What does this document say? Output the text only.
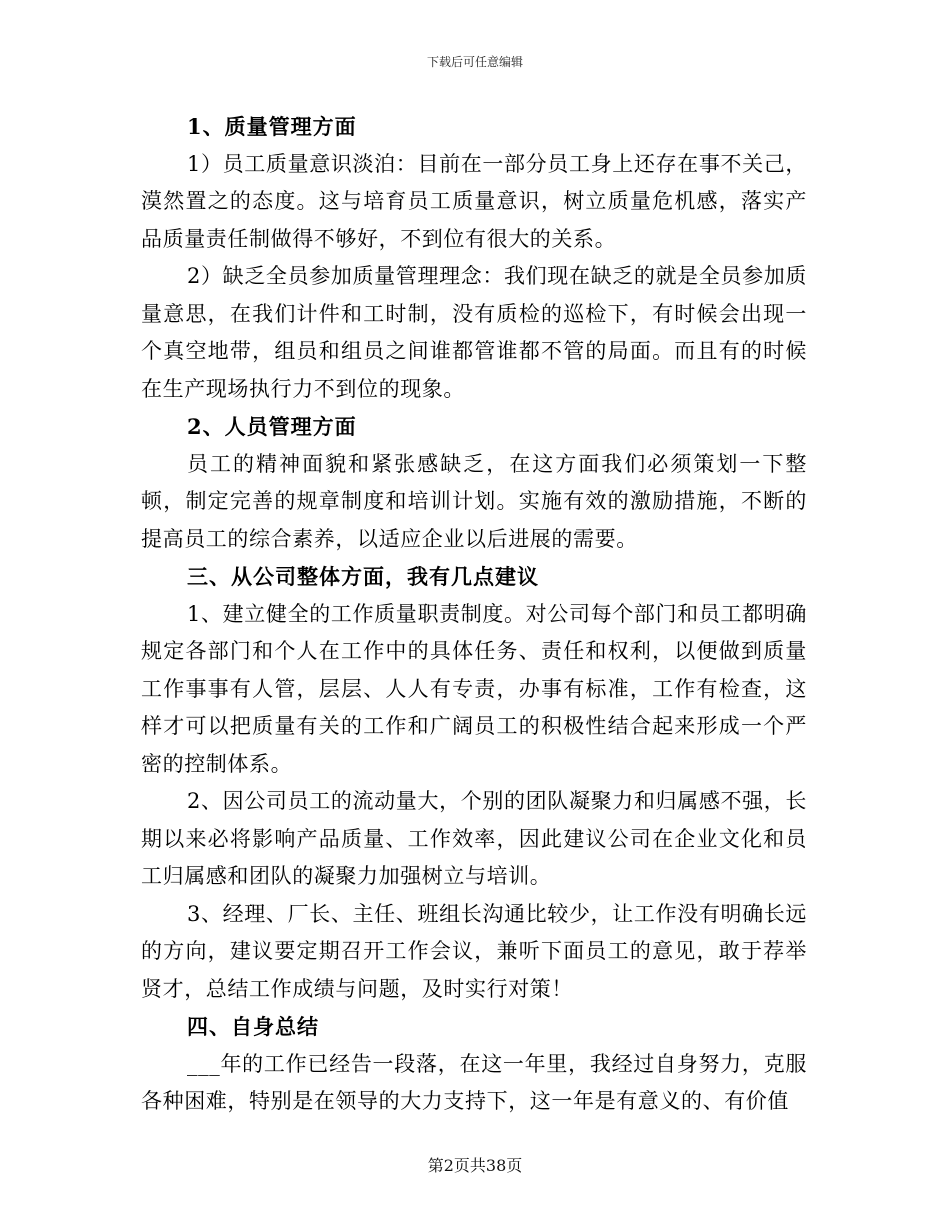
下载后可任意编辑

1、质量管理方面

1）员工质量意识淡泊：目前在一部分员工身上还存在事不关己，漠然置之的态度。这与培育员工质量意识，树立质量危机感，落实产品质量责任制做得不够好，不到位有很大的关系。

2）缺乏全员参加质量管理理念：我们现在缺乏的就是全员参加质量意思，在我们计件和工时制，没有质检的巡检下，有时候会出现一个真空地带，组员和组员之间谁都管谁都不管的局面。而且有的时候在生产现场执行力不到位的现象。

2、人员管理方面

员工的精神面貌和紧张感缺乏，在这方面我们必须策划一下整顿，制定完善的规章制度和培训计划。实施有效的激励措施，不断的提高员工的综合素养，以适应企业以后进展的需要。

三、从公司整体方面，我有几点建议

1、建立健全的工作质量职责制度。对公司每个部门和员工都明确规定各部门和个人在工作中的具体任务、责任和权利，以便做到质量工作事事有人管，层层、人人有专责，办事有标准，工作有检查，这样才可以把质量有关的工作和广阔员工的积极性结合起来形成一个严密的控制体系。

2、因公司员工的流动量大，个别的团队凝聚力和归属感不强，长期以来必将影响产品质量、工作效率，因此建议公司在企业文化和员工归属感和团队的凝聚力加强树立与培训。

3、经理、厂长、主任、班组长沟通比较少，让工作没有明确长远的方向，建议要定期召开工作会议，兼听下面员工的意见，敢于荐举贤才，总结工作成绩与问题，及时实行对策！

四、自身总结

___年的工作已经告一段落，在这一年里，我经过自身努力，克服各种困难，特别是在领导的大力支持下，这一年是有意义的、有价值

第2页共38页
